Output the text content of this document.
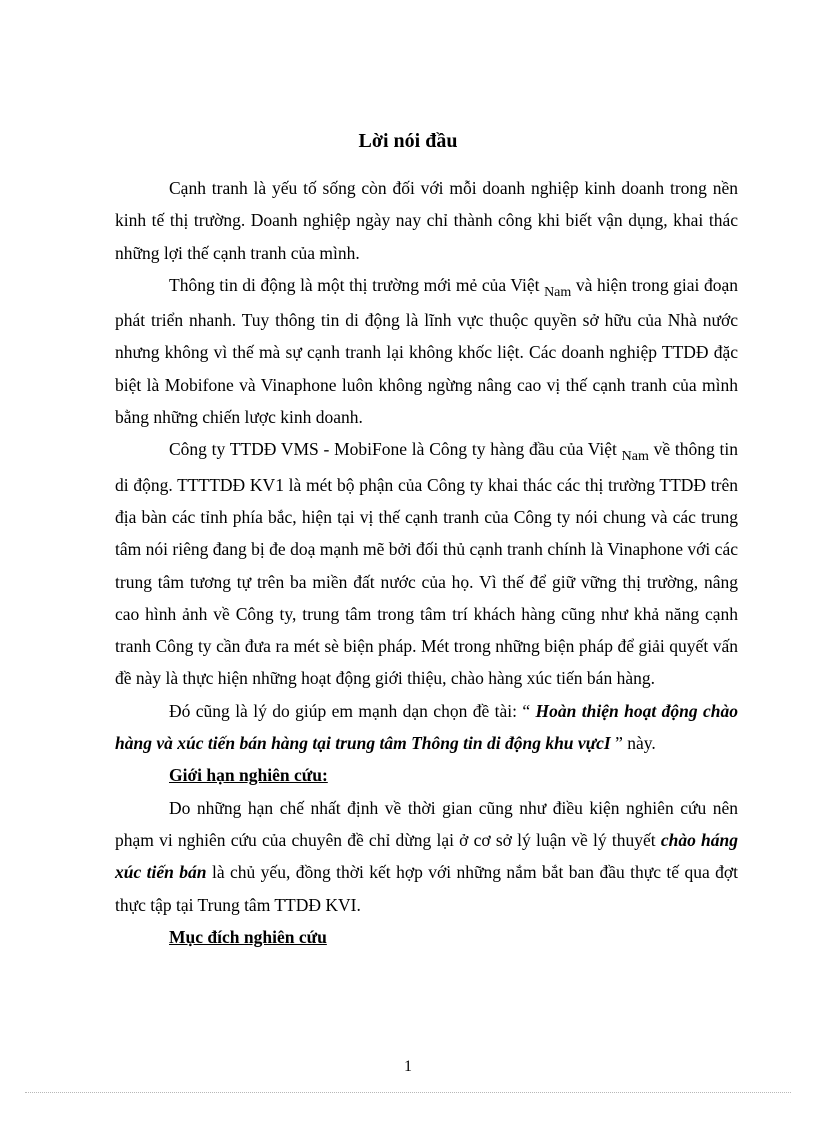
Lời nói đầu

Cạnh tranh là yếu tố sống còn đối với mỗi doanh nghiệp kinh doanh trong nền kinh tế thị trường. Doanh nghiệp ngày nay chỉ thành công khi biết vận dụng, khai thác những lợi thế cạnh tranh của mình.

Thông tin di động là một thị trường mới mẻ của Việt $_{Nam}$ và hiện trong giai đoạn phát triển nhanh. Tuy thông tin di động là lĩnh vực thuộc quyền sở hữu của Nhà nước nhưng không vì thế mà sự cạnh tranh lại không khốc liệt. Các doanh nghiệp TTDĐ đặc biệt là Mobifone và Vinaphone luôn không ngừng nâng cao vị thế cạnh tranh của mình bằng những chiến lược kinh doanh.

Công ty TTDĐ VMS - MobiFone là Công ty hàng đầu của Việt $_{Nam}$ về thông tin di động. TTTTDĐ KV1 là mét bộ phận của Công ty khai thác các thị trường TTDĐ trên địa bàn các tỉnh phía bắc, hiện tại vị thế cạnh tranh của Công ty nói chung và các trung tâm nói riêng đang bị đe doạ mạnh mẽ bởi đối thủ cạnh tranh chính là Vinaphone với các trung tâm tương tự trên ba miền đất nước của họ. Vì thế để giữ vững thị trường, nâng cao hình ảnh về Công ty, trung tâm trong tâm trí khách hàng cũng như khả năng cạnh tranh Công ty cần đưa ra mét sè biện pháp. Mét trong những biện pháp để giải quyết vấn đề này là thực hiện những hoạt động giới thiệu, chào hàng xúc tiến bán hàng.

Đó cũng là lý do giúp em mạnh dạn chọn đề tài: “ Hoàn thiện hoạt động chào hàng và xúc tiến bán hàng tại trung tâm Thông tin di động khu vựcI ” này.

Giới hạn nghiên cứu:

Do những hạn chế nhất định về thời gian cũng như điều kiện nghiên cứu nên phạm vi nghiên cứu của chuyên đề chỉ dừng lại ở cơ sở lý luận về lý thuyết chào háng xúc tiến bán là chủ yếu, đồng thời kết hợp với những nắm bắt ban đầu thực tế qua đợt thực tập tại Trung tâm TTDĐ KVI.

Mục đích nghiên cứu

1
